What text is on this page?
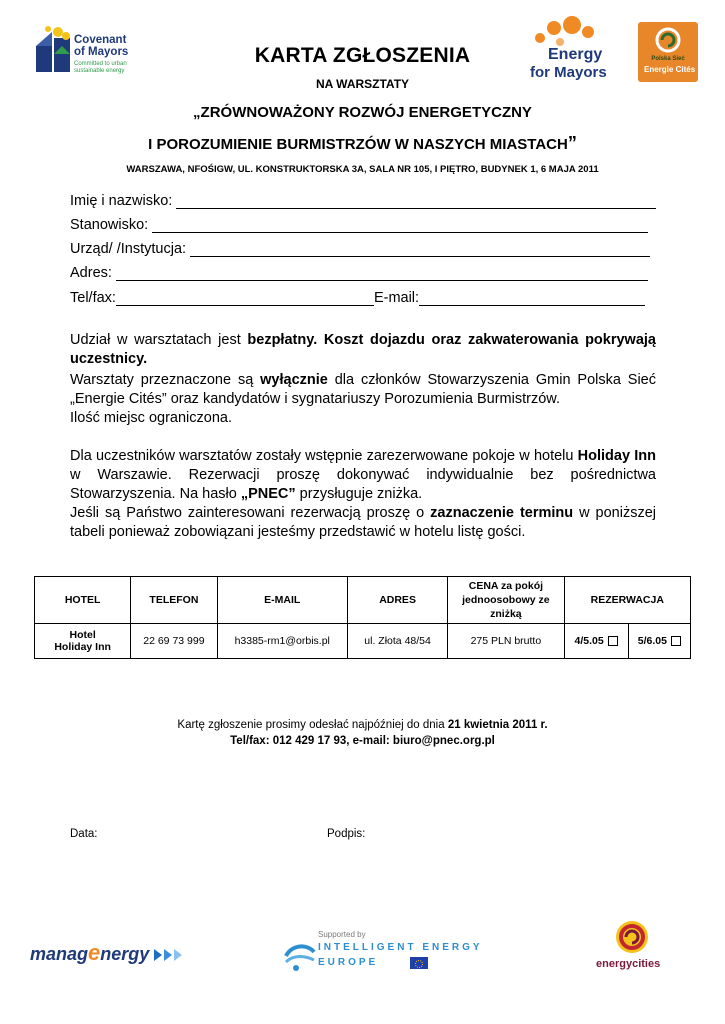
Covenant
of Mayors
Committed to urban
sustainable energy
Energy
for Mayors
Polska Sieć
Energie Cités
KARTA ZGŁOSZENIA
NA WARSZTATY
„ZRÓWNOWAŻONY ROZWÓJ ENERGETYCZNY
I POROZUMIENIE BURMISTRZÓW W NASZYCH MIASTACH”
WARSZAWA, NFOŚIGW, UL. KONSTRUKTORSKA 3A, SALA NR 105, I PIĘTRO, BUDYNEK 1, 6 MAJA 2011
Imię i nazwisko:
Stanowisko:
Urząd/ /Instytucja:
Adres:
Tel/fax:	E-mail:
Udział w warsztatach jest bezpłatny. Koszt dojazdu oraz zakwaterowania pokrywają uczestnicy.
Warsztaty przeznaczone są wyłącznie dla członków Stowarzyszenia Gmin Polska Sieć „Energie Cités” oraz kandydatów i sygnatariuszy Porozumienia Burmistrzów.
Ilość miejsc ograniczona.
Dla uczestników warsztatów zostały wstępnie zarezerwowane pokoje w hotelu Holiday Inn w Warszawie. Rezerwacji proszę dokonywać indywidualnie bez pośrednictwa Stowarzyszenia. Na hasło „PNEC” przysługuje zniżka.
Jeśli są Państwo zainteresowani rezerwacją proszę o zaznaczenie terminu w poniższej tabeli ponieważ zobowiązani jesteśmy przedstawić w hotelu listę gości.
HOTEL	TELEFON	E-MAIL	ADRES	CENA za pokój jednoosobowy ze zniżką	REZERWACJA	

Hotel
Holiday Inn	22 69 73 999	h3385-rm1@orbis.pl	ul. Złota 48/54	275 PLN brutto	4/5.05	5/6.05
Kartę zgłoszenie prosimy odesłać najpóźniej do dnia 21 kwietnia 2011 r.
Tel/fax: 012 429 17 93, e-mail: biuro@pnec.org.pl
Data:	Podpis:
managenergy
Supported by
INTELLIGENT ENERGY
EUROPE	energycities
